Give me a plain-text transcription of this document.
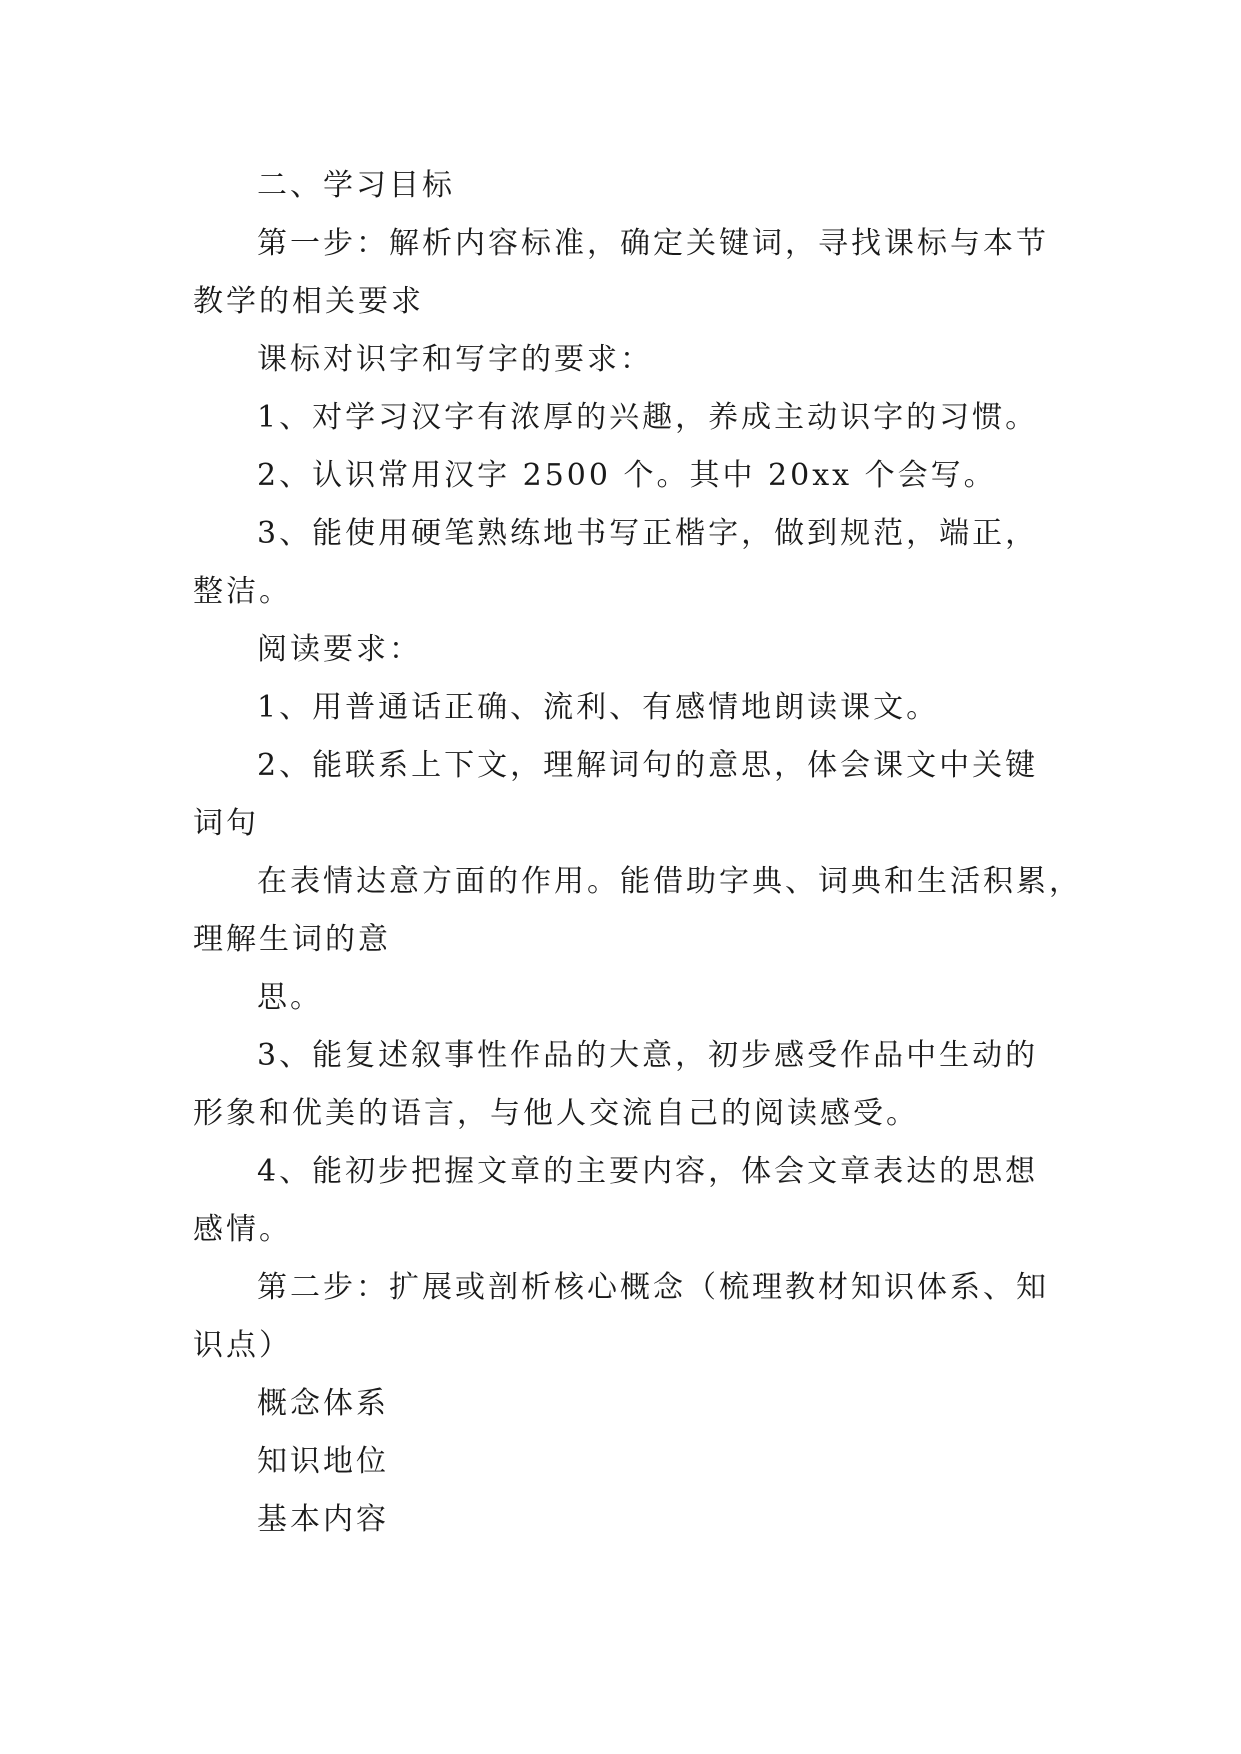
二、学习目标
第一步：解析内容标准，确定关键词，寻找课标与本节
教学的相关要求
课标对识字和写字的要求：
1、对学习汉字有浓厚的兴趣，养成主动识字的习惯。
2、认识常用汉字 2500 个。其中 20xx 个会写。
3、能使用硬笔熟练地书写正楷字，做到规范，端正，
整洁。
阅读要求：
1、用普通话正确、流利、有感情地朗读课文。
2、能联系上下文，理解词句的意思，体会课文中关键
词句
在表情达意方面的作用。能借助字典、词典和生活积累，
理解生词的意
思。
3、能复述叙事性作品的大意，初步感受作品中生动的
形象和优美的语言，与他人交流自己的阅读感受。
4、能初步把握文章的主要内容，体会文章表达的思想
感情。
第二步：扩展或剖析核心概念（梳理教材知识体系、知
识点）
概念体系
知识地位
基本内容
